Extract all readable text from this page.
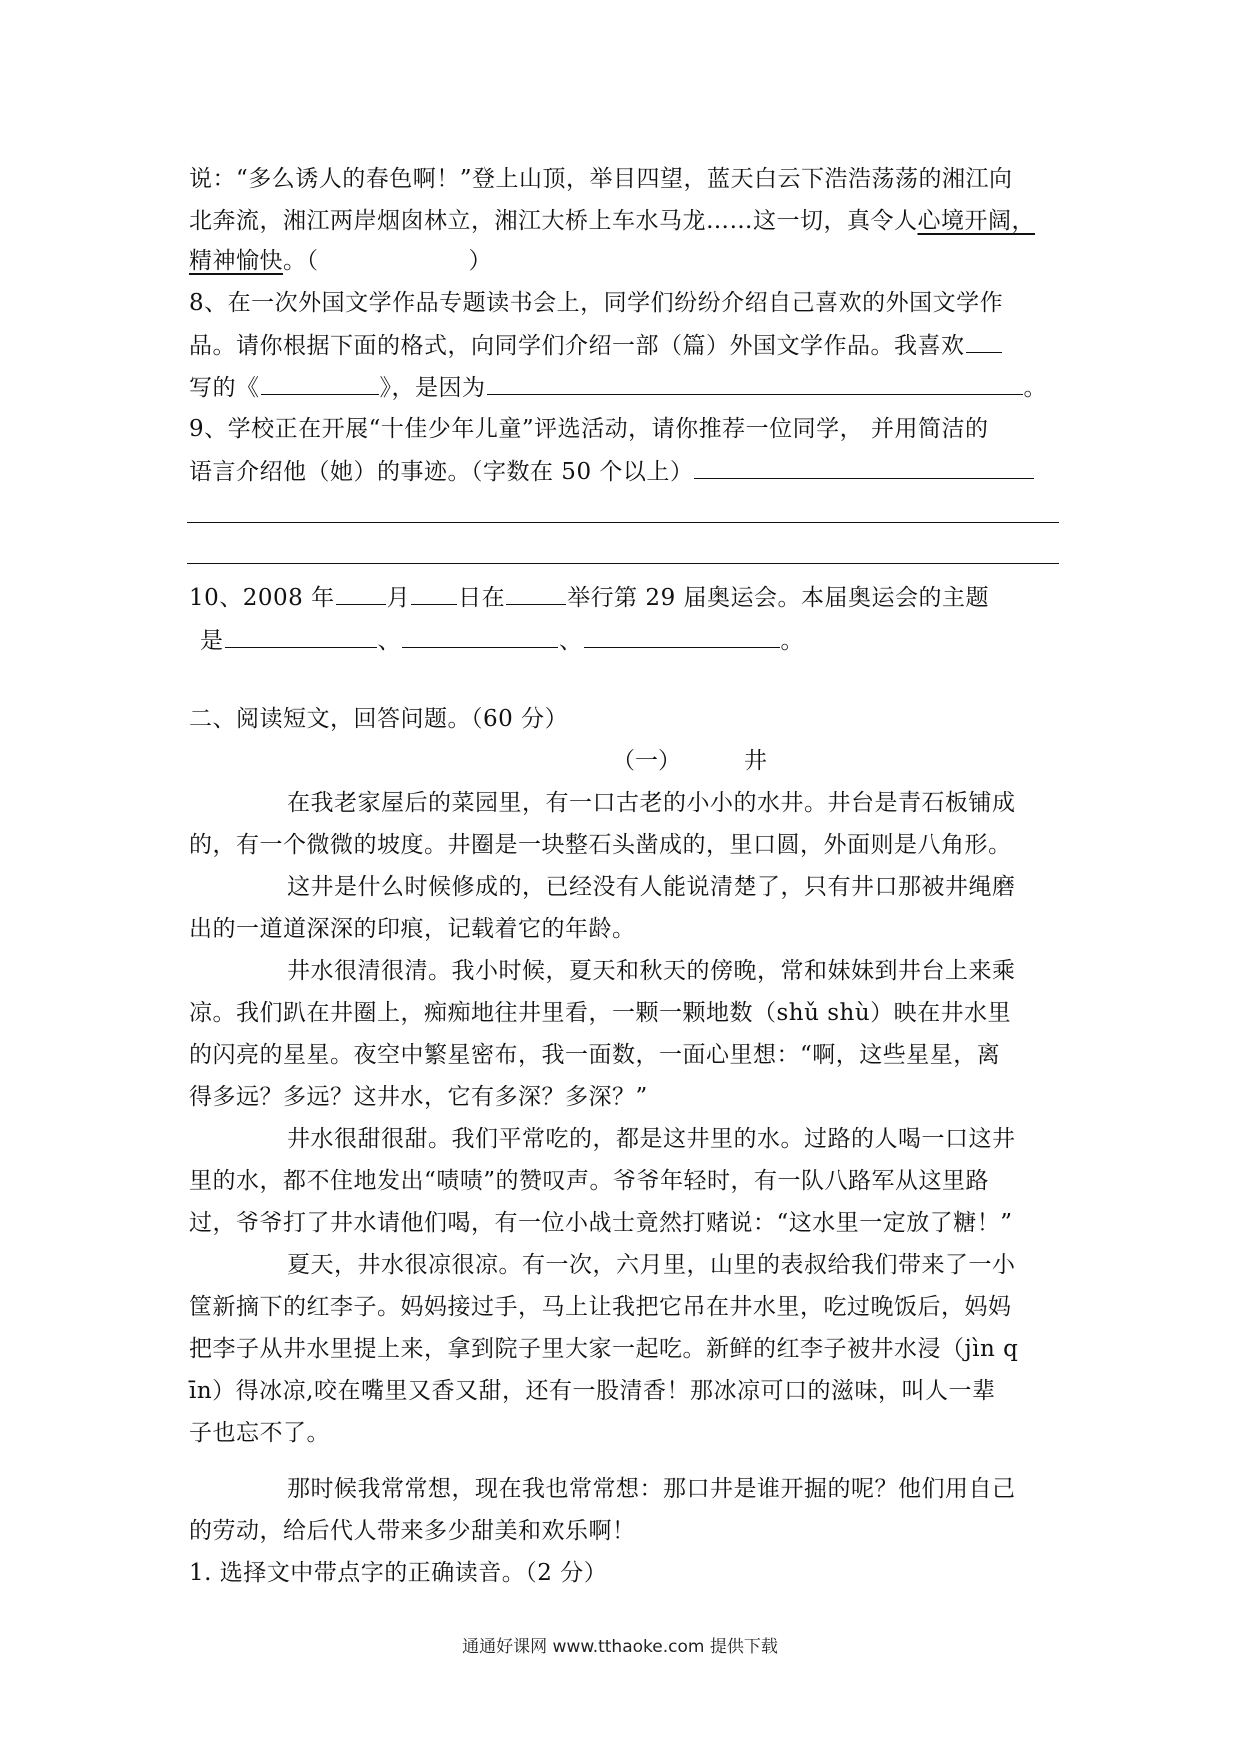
说：“多么诱人的春色啊！”登上山顶，举目四望，蓝天白云下浩浩荡荡的湘江向
北奔流，湘江两岸烟囱林立，湘江大桥上车水马龙……这一切，真令人心境开阔，
精神愉快。（	）
8、在一次外国文学作品专题读书会上，同学们纷纷介绍自己喜欢的外国文学作
品。请你根据下面的格式，向同学们介绍一部（篇）外国文学作品。我喜欢
写的《	》，是因为	。
9、学校正在开展“十佳少年儿童”评选活动，请你推荐一位同学， 并用简洁的
语言介绍他（她）的事迹。（字数在 50 个以上）
10、2008 年 月 日在	举行第 29 届奥运会。本届奥运会的主题
是	、	、	。
二、阅读短文，回答问题。（60 分）
（一）	井
在我老家屋后的菜园里，有一口古老的小小的水井。井台是青石板铺成
的，有一个微微的坡度。井圈是一块整石头凿成的，里口圆，外面则是八角形。
这井是什么时候修成的，已经没有人能说清楚了，只有井口那被井绳磨
出的一道道深深的印痕，记载着它的年龄。
井水很清很清。我小时候，夏天和秋天的傍晚，常和妹妹到井台上来乘
凉。我们趴在井圈上，痴痴地往井里看，一颗一颗地数（shǔ shù）映在井水里
的闪亮的星星。夜空中繁星密布，我一面数，一面心里想：“啊，这些星星，离
得多远？多远？这井水，它有多深？多深？”
井水很甜很甜。我们平常吃的，都是这井里的水。过路的人喝一口这井
里的水，都不住地发出“啧啧”的赞叹声。爷爷年轻时，有一队八路军从这里路
过，爷爷打了井水请他们喝，有一位小战士竟然打赌说：“这水里一定放了糖！”
夏天，井水很凉很凉。有一次，六月里，山里的表叔给我们带来了一小
筐新摘下的红李子。妈妈接过手，马上让我把它吊在井水里，吃过晚饭后，妈妈
把李子从井水里提上来，拿到院子里大家一起吃。新鲜的红李子被井水浸（jìn q
īn）得冰凉,咬在嘴里又香又甜，还有一股清香！那冰凉可口的滋味，叫人一辈
子也忘不了。
那时候我常常想，现在我也常常想：那口井是谁开掘的呢？他们用自己
的劳动，给后代人带来多少甜美和欢乐啊！
1. 选择文中带点字的正确读音。（2 分）
通通好课网 www.tthaoke.com 提供下载
